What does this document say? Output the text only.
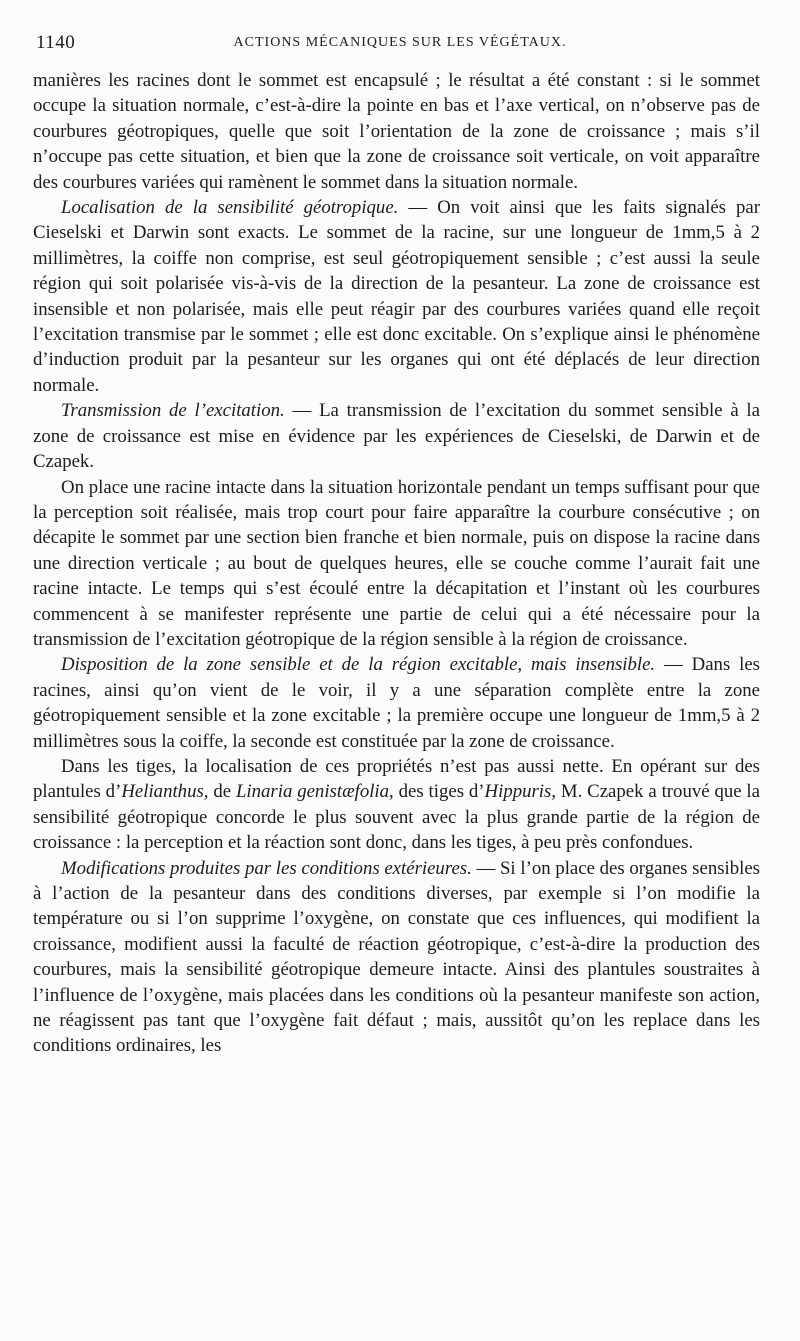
1140	ACTIONS MÉCANIQUES SUR LES VÉGÉTAUX.

manières les racines dont le sommet est encapsulé ; le résultat a été constant : si le sommet occupe la situation normale, c’est-à-dire la pointe en bas et l’axe vertical, on n’observe pas de courbures géotropiques, quelle que soit l’orientation de la zone de croissance ; mais s’il n’occupe pas cette situation, et bien que la zone de croissance soit verticale, on voit apparaître des courbures variées qui ramènent le sommet dans la situation normale.

Localisation de la sensibilité géotropique. — On voit ainsi que les faits signalés par Cieselski et Darwin sont exacts. Le sommet de la racine, sur une longueur de 1mm,5 à 2 millimètres, la coiffe non comprise, est seul géotropiquement sensible ; c’est aussi la seule région qui soit polarisée vis-à-vis de la direction de la pesanteur. La zone de croissance est insensible et non polarisée, mais elle peut réagir par des courbures variées quand elle reçoit l’excitation transmise par le sommet ; elle est donc excitable. On s’explique ainsi le phénomène d’induction produit par la pesanteur sur les organes qui ont été déplacés de leur direction normale.

Transmission de l’excitation. — La transmission de l’excitation du sommet sensible à la zone de croissance est mise en évidence par les expériences de Cieselski, de Darwin et de Czapek.

On place une racine intacte dans la situation horizontale pendant un temps suffisant pour que la perception soit réalisée, mais trop court pour faire apparaître la courbure consécutive ; on décapite le sommet par une section bien franche et bien normale, puis on dispose la racine dans une direction verticale ; au bout de quelques heures, elle se couche comme l’aurait fait une racine intacte. Le temps qui s’est écoulé entre la décapitation et l’instant où les courbures commencent à se manifester représente une partie de celui qui a été nécessaire pour la transmission de l’excitation géotropique de la région sensible à la région de croissance.

Disposition de la zone sensible et de la région excitable, mais insensible. — Dans les racines, ainsi qu’on vient de le voir, il y a une séparation complète entre la zone géotropiquement sensible et la zone excitable ; la première occupe une longueur de 1mm,5 à 2 millimètres sous la coiffe, la seconde est constituée par la zone de croissance.

Dans les tiges, la localisation de ces propriétés n’est pas aussi nette. En opérant sur des plantules d’Helianthus, de Linaria genistæfolia, des tiges d’Hippuris, M. Czapek a trouvé que la sensibilité géotropique concorde le plus souvent avec la plus grande partie de la région de croissance : la perception et la réaction sont donc, dans les tiges, à peu près confondues.

Modifications produites par les conditions extérieures. — Si l’on place des organes sensibles à l’action de la pesanteur dans des conditions diverses, par exemple si l’on modifie la température ou si l’on supprime l’oxygène, on constate que ces influences, qui modifient la croissance, modifient aussi la faculté de réaction géotropique, c’est-à-dire la production des courbures, mais la sensibilité géotropique demeure intacte. Ainsi des plantules soustraites à l’influence de l’oxygène, mais placées dans les conditions où la pesanteur manifeste son action, ne réagissent pas tant que l’oxygène fait défaut ; mais, aussitôt qu’on les replace dans les conditions ordinaires, les
